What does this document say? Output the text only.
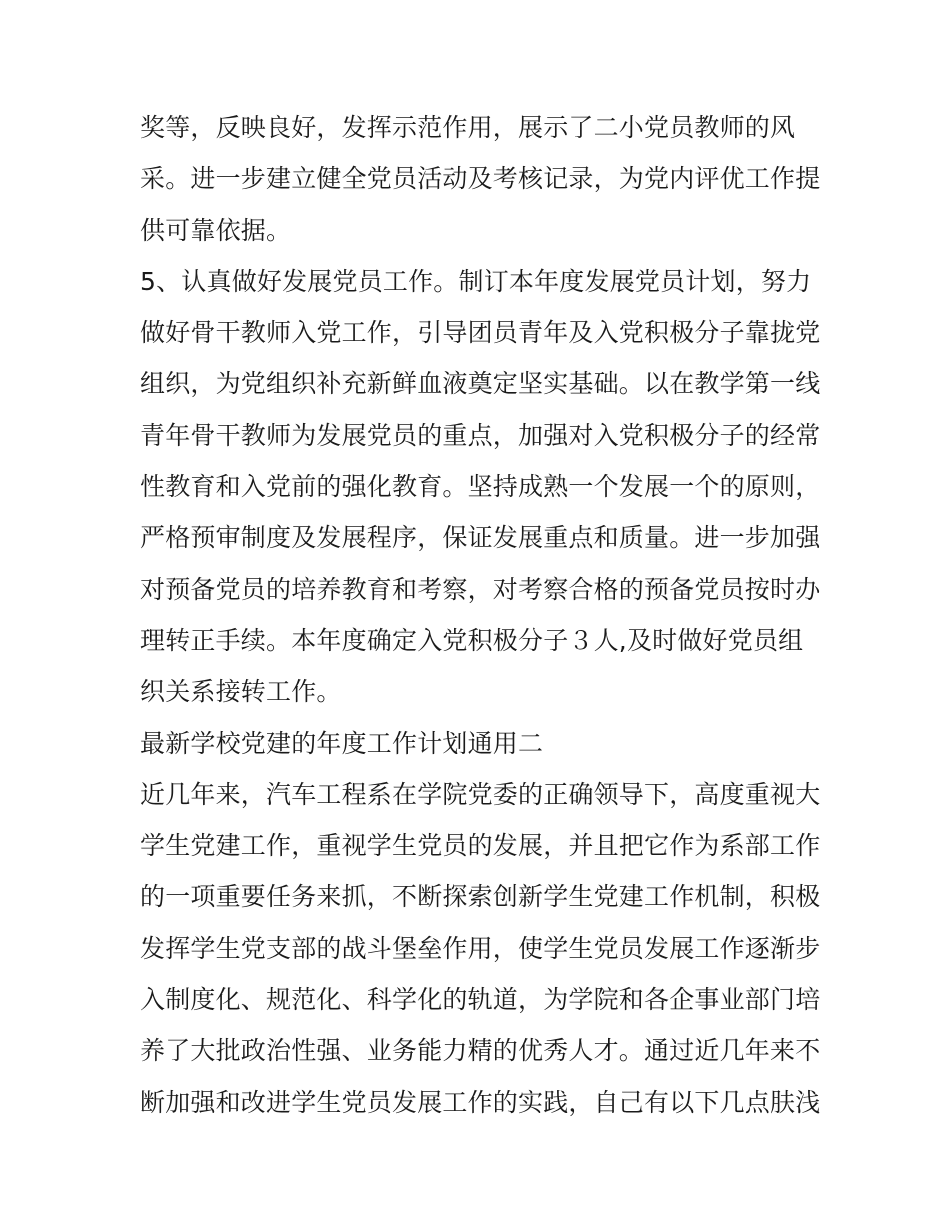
奖等，反映良好，发挥示范作用，展示了二小党员教师的风
采。进一步建立健全党员活动及考核记录，为党内评优工作提
供可靠依据。
5、认真做好发展党员工作。制订本年度发展党员计划，努力
做好骨干教师入党工作，引导团员青年及入党积极分子靠拢党
组织，为党组织补充新鲜血液奠定坚实基础。以在教学第一线
青年骨干教师为发展党员的重点，加强对入党积极分子的经常
性教育和入党前的强化教育。坚持成熟一个发展一个的原则，
严格预审制度及发展程序，保证发展重点和质量。进一步加强
对预备党员的培养教育和考察，对考察合格的预备党员按时办
理转正手续。本年度确定入党积极分子３人,及时做好党员组
织关系接转工作。
最新学校党建的年度工作计划通用二
近几年来，汽车工程系在学院党委的正确领导下，高度重视大
学生党建工作，重视学生党员的发展，并且把它作为系部工作
的一项重要任务来抓，不断探索创新学生党建工作机制，积极
发挥学生党支部的战斗堡垒作用，使学生党员发展工作逐渐步
入制度化、规范化、科学化的轨道，为学院和各企事业部门培
养了大批政治性强、业务能力精的优秀人才。通过近几年来不
断加强和改进学生党员发展工作的实践，自己有以下几点肤浅
